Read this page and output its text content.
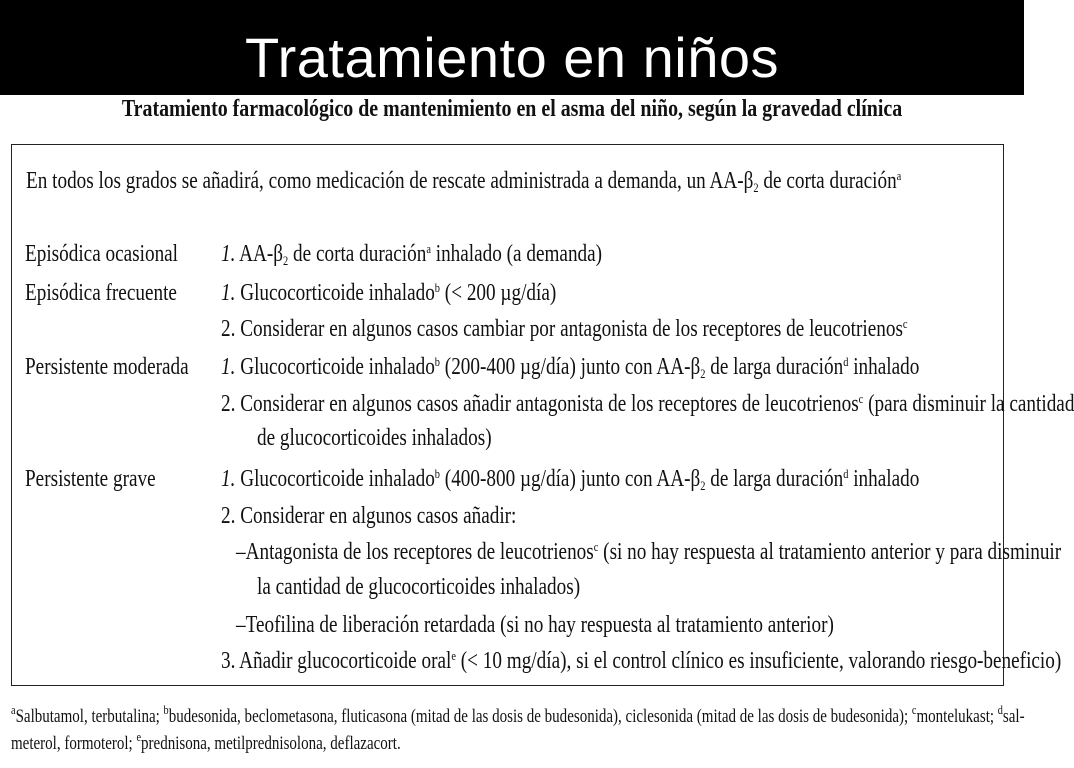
Tratamiento en niños
Tratamiento farmacológico de mantenimiento en el asma del niño, según la gravedad clínica
En todos los grados se añadirá, como medicación de rescate administrada a demanda, un $AA-\beta_2$ de corta duración$^a$
Episódica ocasional 1. $AA-\beta_2$ de corta duración$^a$ inhalado (a demanda)
Episódica frecuente 1. Glucocorticoide inhalado$^b$ (< 200 µg/día)
2. Considerar en algunos casos cambiar por antagonista de los receptores de leucotrienos$^c$
Persistente moderada 1. Glucocorticoide inhalado$^b$ (200-400 µg/día) junto con $AA-\beta_2$ de larga duración$^d$ inhalado
2. Considerar en algunos casos añadir antagonista de los receptores de leucotrienos$^c$ (para disminuir la cantidad
de glucocorticoides inhalados)
Persistente grave	1. Glucocorticoide inhalado$^b$ (400-800 µg/día) junto con $AA-\beta_2$ de larga duración$^d$ inhalado
2. Considerar en algunos casos añadir:
–Antagonista de los receptores de leucotrienos$^c$ (si no hay respuesta al tratamiento anterior y para disminuir
la cantidad de glucocorticoides inhalados)
–Teofilina de liberación retardada (si no hay respuesta al tratamiento anterior)
3. Añadir glucocorticoide oral$^e$ (< 10 mg/día), si el control clínico es insuficiente, valorando riesgo-beneficio)
$^a$Salbutamol, terbutalina; $^b$budesonida, beclometasona, fluticasona (mitad de las dosis de budesonida), ciclesonida (mitad de las dosis de budesonida); $^c$montelukast; $^d$sal-
meterol, formoterol; $^e$prednisona, metilprednisolona, deflazacort.
